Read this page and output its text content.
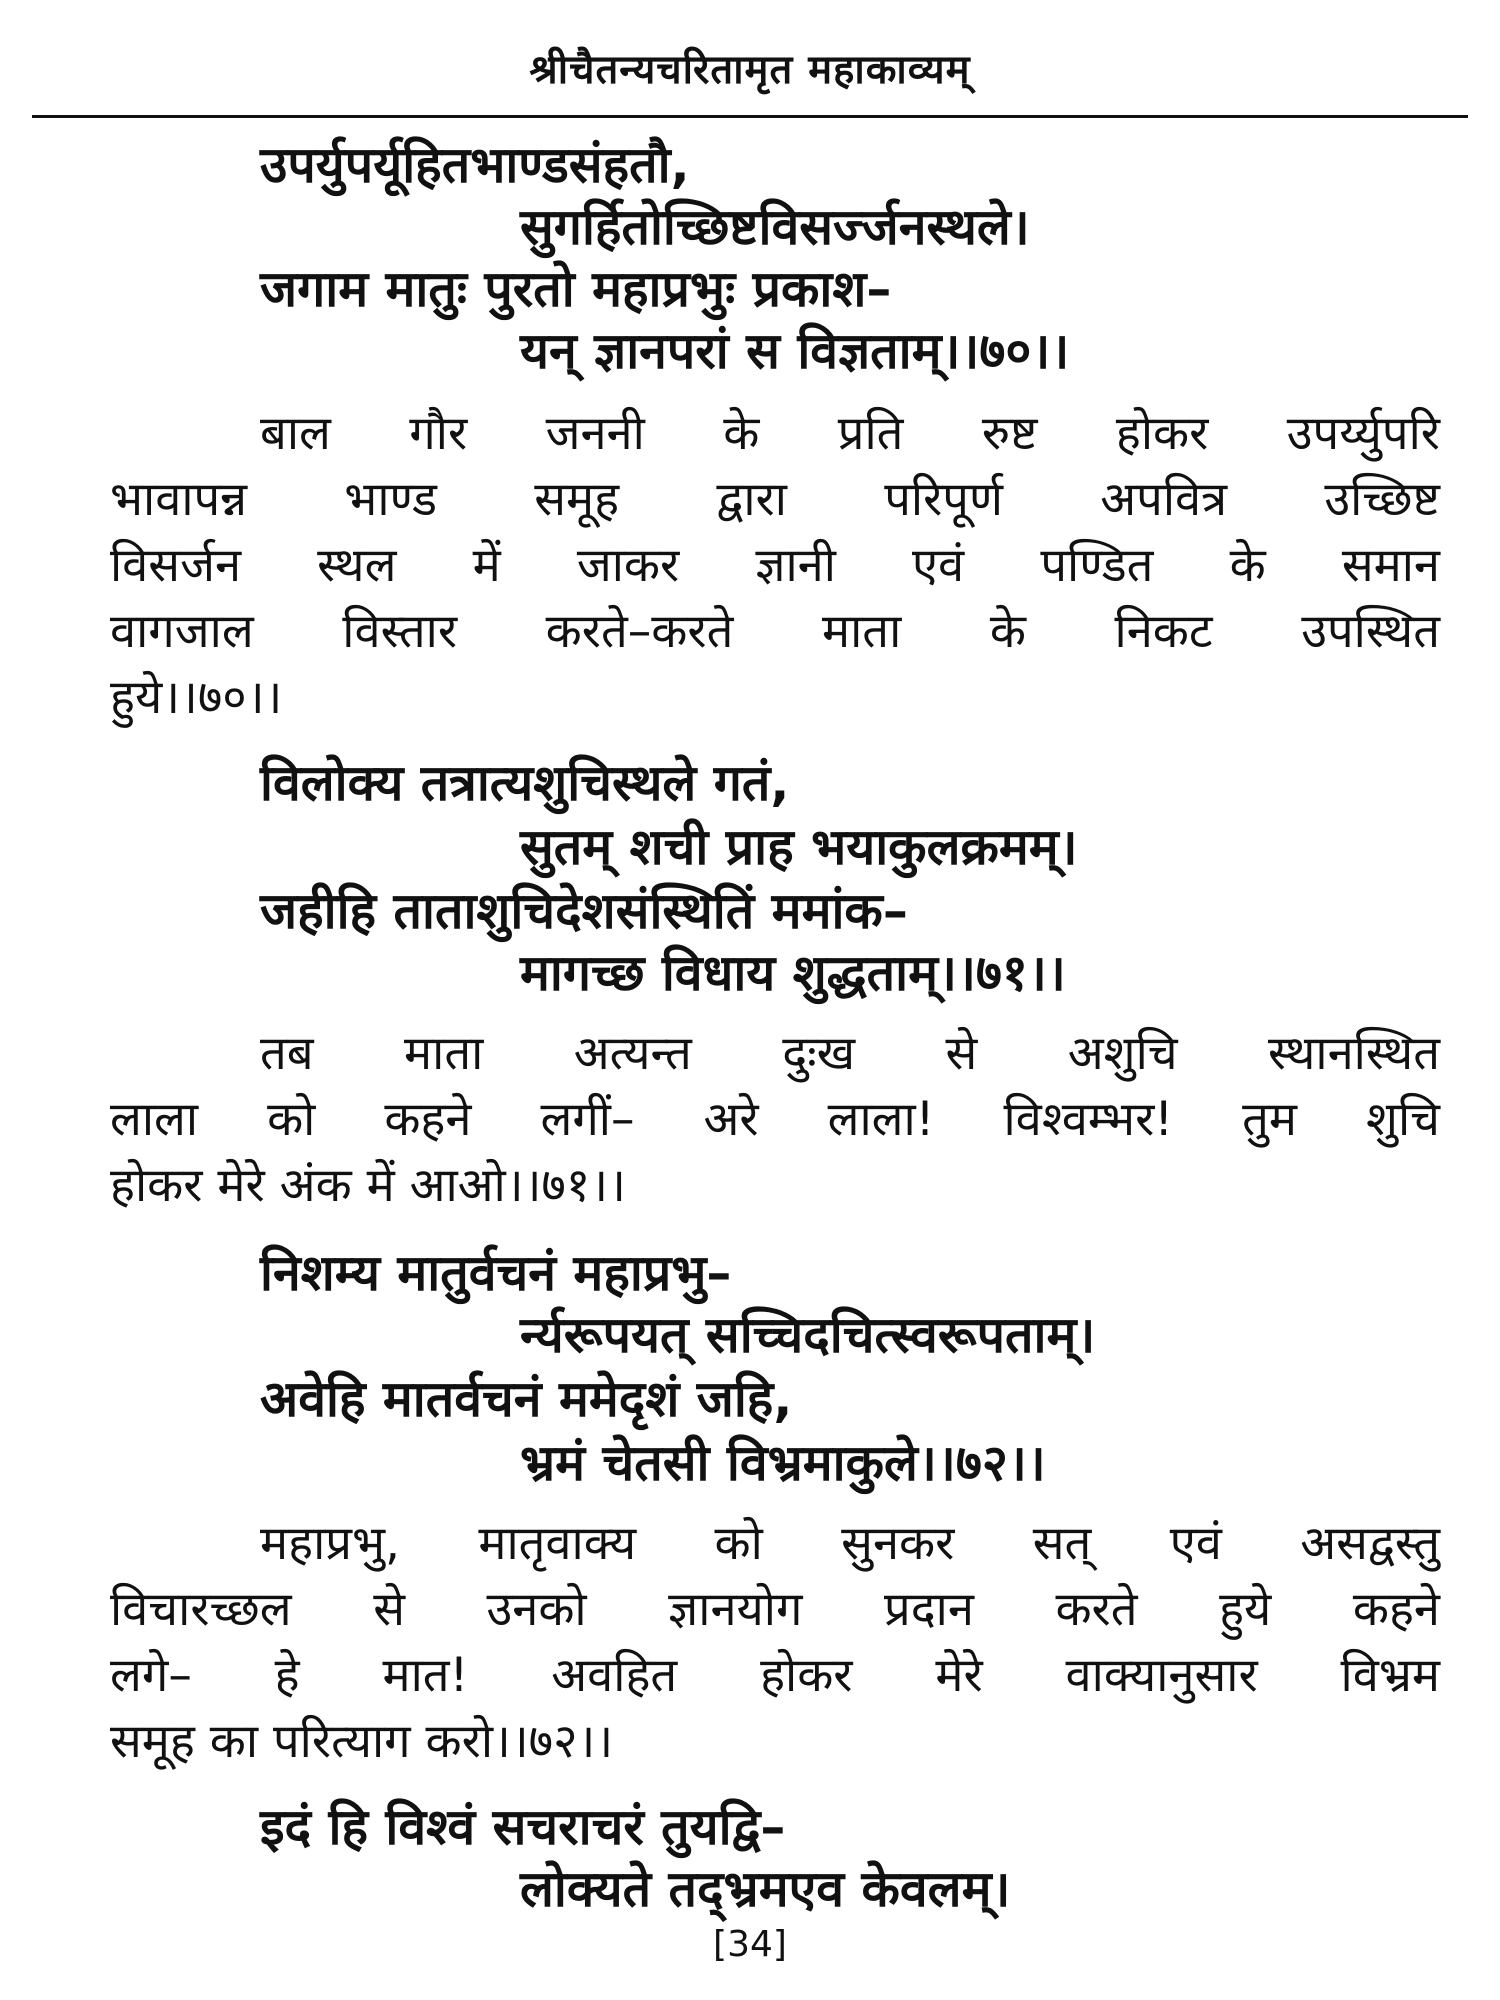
श्रीचैतन्यचरितामृत महाकाव्यम्
उपर्युपर्यूहितभाण्डसंहतौ,
सुगर्हितोच्छिष्टविसर्ज्जनस्थले।
जगाम मातुः पुरतो महाप्रभुः प्रकाश–
यन् ज्ञानपरां स विज्ञताम्।।७०।।
बाल गौर जननी के प्रति रुष्ट होकर उपर्य्युपरि
भावापन्न भाण्ड समूह द्वारा परिपूर्ण अपवित्र उच्छिष्ट
विसर्जन स्थल में जाकर ज्ञानी एवं पण्डित के समान
वागजाल विस्तार करते–करते माता के निकट उपस्थित
हुये।।७०।।
विलोक्य तत्रात्यशुचिस्थले गतं,
सुतम् शची प्राह भयाकुलक्रमम्।
जहीहि ताताशुचिदेशसंस्थितिं ममांक–
मागच्छ विधाय शुद्धताम्।।७१।।
तब माता अत्यन्त दुःख से अशुचि स्थानस्थित
लाला को कहने लगीं– अरे लाला! विश्वम्भर! तुम शुचि
होकर मेरे अंक में आओ।।७१।।
निशम्य मातुर्वचनं महाप्रभु–
र्न्यरूपयत् सच्चिदचित्स्वरूपताम्।
अवेहि मातर्वचनं ममेदृशं जहि,
भ्रमं चेतसी विभ्रमाकुले।।७२।।
महाप्रभु, मातृवाक्य को सुनकर सत् एवं असद्वस्तु
विचारच्छल से उनको ज्ञानयोग प्रदान करते हुये कहने
लगे– हे मात! अवहित होकर मेरे वाक्यानुसार विभ्रम
समूह का परित्याग करो।।७२।।
इदं हि विश्वं सचराचरं तुयद्वि–
लोक्यते तद्भ्रमएव केवलम्।
[34]
